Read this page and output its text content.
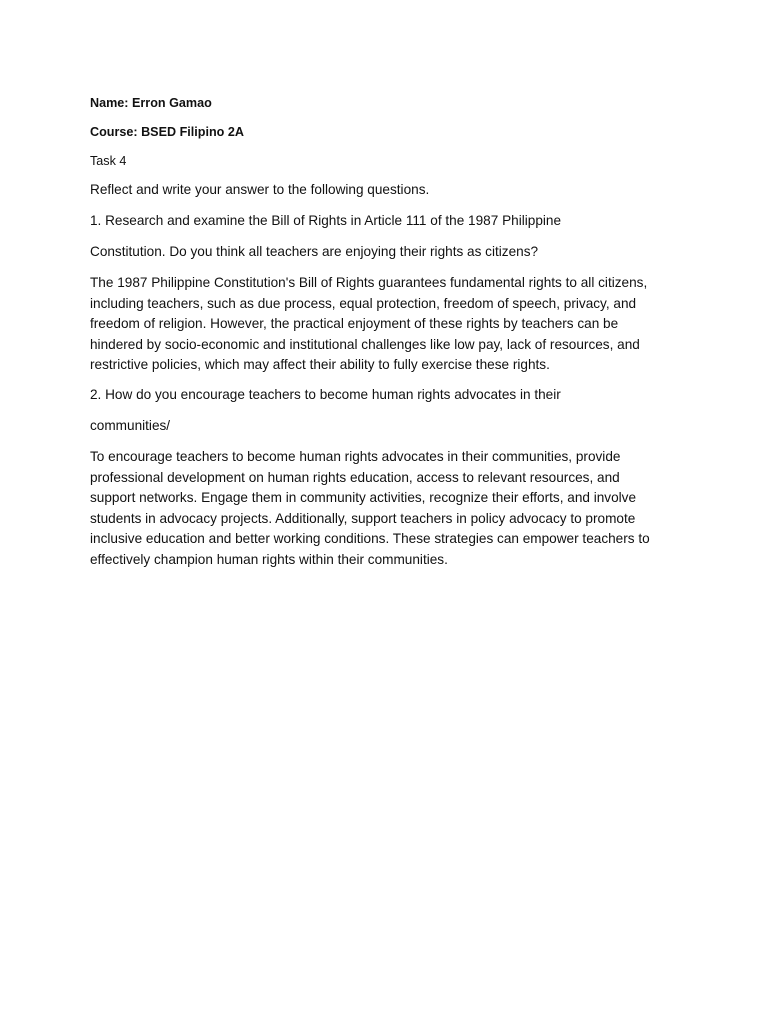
Name: Erron Gamao

Course: BSED Filipino 2A

Task 4

Reflect and write your answer to the following questions.

1. Research and examine the Bill of Rights in Article 111 of the 1987 Philippine

Constitution. Do you think all teachers are enjoying their rights as citizens?

The 1987 Philippine Constitution's Bill of Rights guarantees fundamental rights to all citizens,

including teachers, such as due process, equal protection, freedom of speech, privacy, and

freedom of religion. However, the practical enjoyment of these rights by teachers can be

hindered by socio-economic and institutional challenges like low pay, lack of resources, and

restrictive policies, which may affect their ability to fully exercise these rights.

2. How do you encourage teachers to become human rights advocates in their

communities/

To encourage teachers to become human rights advocates in their communities, provide

professional development on human rights education, access to relevant resources, and

support networks. Engage them in community activities, recognize their efforts, and involve

students in advocacy projects. Additionally, support teachers in policy advocacy to promote

inclusive education and better working conditions. These strategies can empower teachers to

effectively champion human rights within their communities.
